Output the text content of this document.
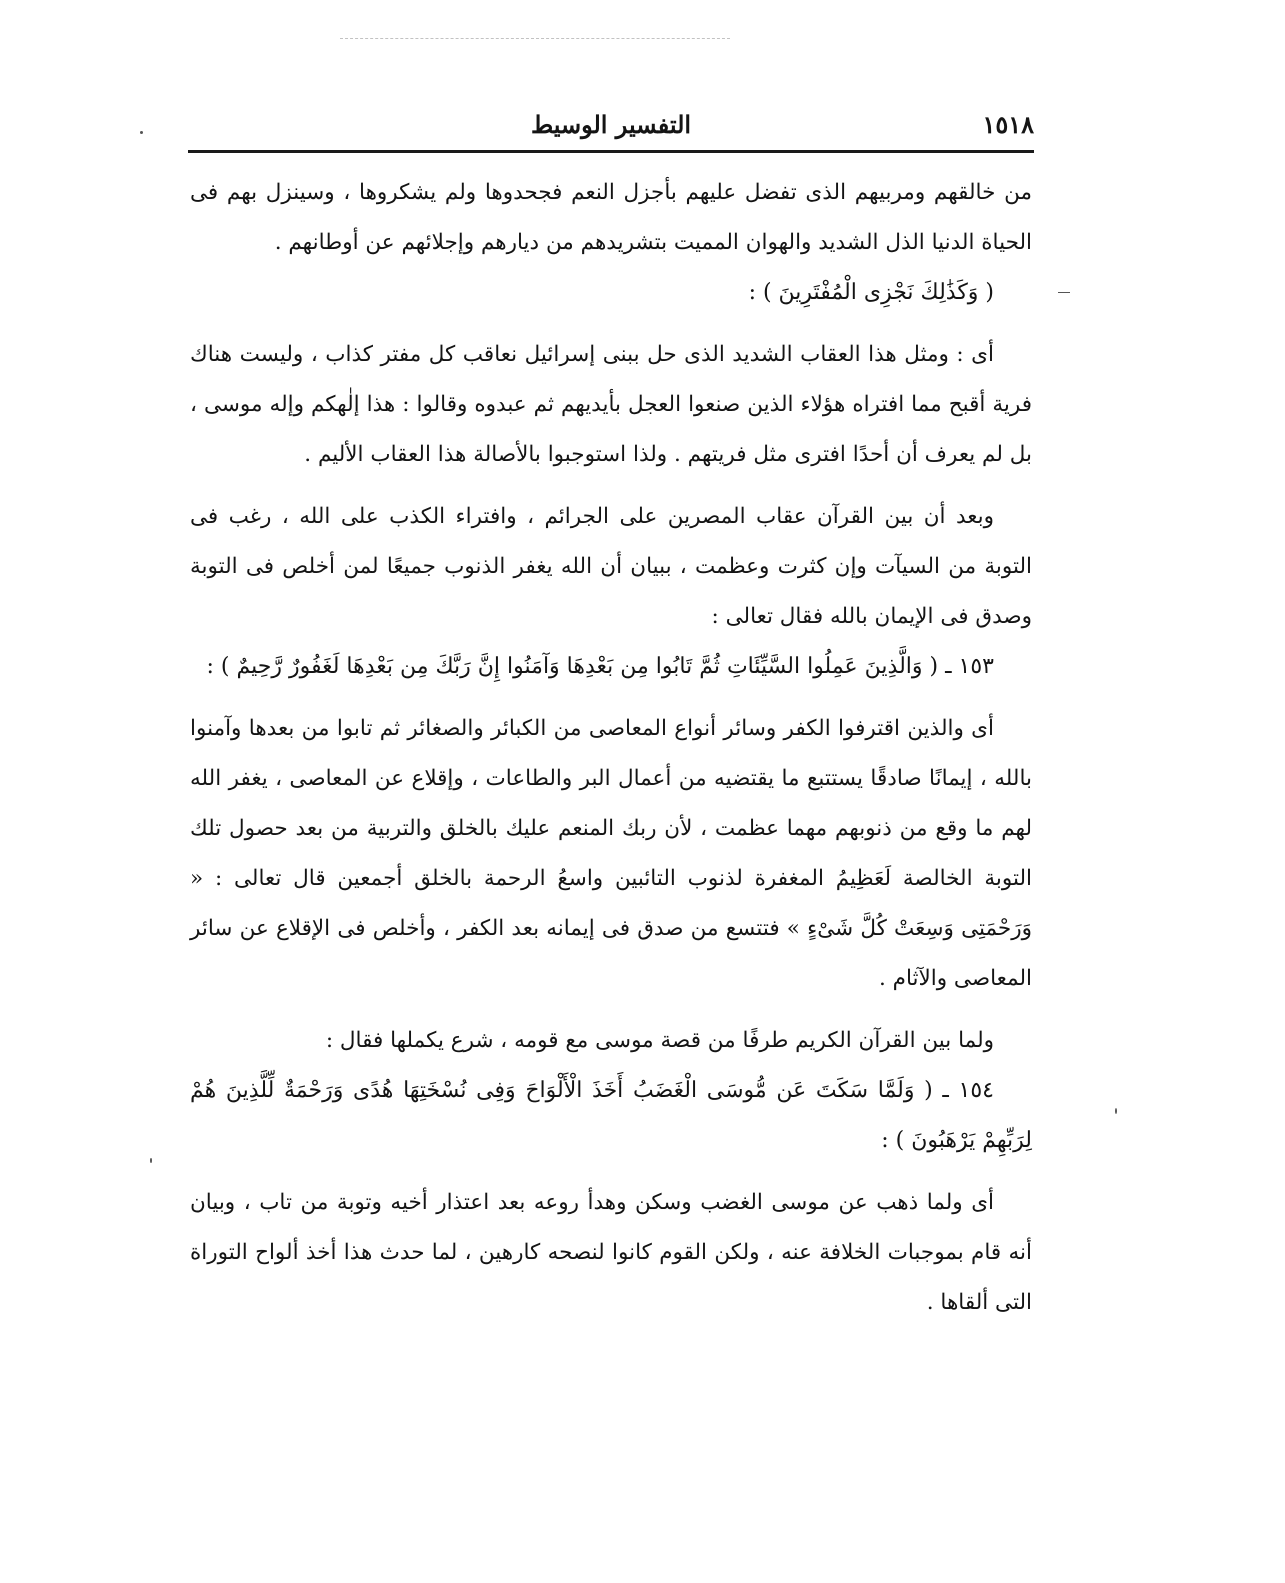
التفسير الوسيط	١٥١٨

من خالقهم ومربيهم الذى تفضل عليهم بأجزل النعم فجحدوها ولم يشكروها ، وسينزل بهم فى الحياة الدنيا الذل الشديد والهوان المميت بتشريدهم من ديارهم وإجلائهم عن أوطانهم .

( وَكَذَٰلِكَ نَجْزِى الْمُفْتَرِينَ ) :

أى : ومثل هذا العقاب الشديد الذى حل ببنى إسرائيل نعاقب كل مفتر كذاب ، وليست هناك فرية أقبح مما افتراه هؤلاء الذين صنعوا العجل بأيديهم ثم عبدوه وقالوا : هذا إلٰهكم وإله موسى ، بل لم يعرف أن أحدًا افترى مثل فريتهم . ولذا استوجبوا بالأصالة هذا العقاب الأليم .

وبعد أن بين القرآن عقاب المصرين على الجرائم ، وافتراء الكذب على الله ، رغب فى التوبة من السيآت وإن كثرت وعظمت ، ببيان أن الله يغفر الذنوب جميعًا لمن أخلص فى التوبة وصدق فى الإيمان بالله فقال تعالى :

١٥٣ ـ ( وَالَّذِينَ عَمِلُوا السَّيِّئَاتِ ثُمَّ تَابُوا مِن بَعْدِهَا وَآمَنُوا إِنَّ رَبَّكَ مِن بَعْدِهَا لَغَفُورٌ رَّحِيمٌ ) :

أى والذين اقترفوا الكفر وسائر أنواع المعاصى من الكبائر والصغائر ثم تابوا من بعدها وآمنوا بالله ، إيمانًا صادقًا يستتبع ما يقتضيه من أعمال البر والطاعات ، وإقلاع عن المعاصى ، يغفر الله لهم ما وقع من ذنوبهم مهما عظمت ، لأن ربك المنعم عليك بالخلق والتربية من بعد حصول تلك التوبة الخالصة لَعَظِيمُ المغفرة لذنوب التائبين واسعُ الرحمة بالخلق أجمعين قال تعالى : « وَرَحْمَتِى وَسِعَتْ كُلَّ شَىْءٍ » فتتسع من صدق فى إيمانه بعد الكفر ، وأخلص فى الإقلاع عن سائر المعاصى والآثام .

ولما بين القرآن الكريم طرفًا من قصة موسى مع قومه ، شرع يكملها فقال :

١٥٤ ـ ( وَلَمَّا سَكَتَ عَن مُّوسَى الْغَضَبُ أَخَذَ الْأَلْوَاحَ وَفِى نُسْخَتِهَا هُدًى وَرَحْمَةٌ لِّلَّذِينَ هُمْ لِرَبِّهِمْ يَرْهَبُونَ ) :

أى ولما ذهب عن موسى الغضب وسكن وهدأ روعه بعد اعتذار أخيه وتوبة من تاب ، وبيان أنه قام بموجبات الخلافة عنه ، ولكن القوم كانوا لنصحه كارهين ، لما حدث هذا أخذ ألواح التوراة التى ألقاها .
